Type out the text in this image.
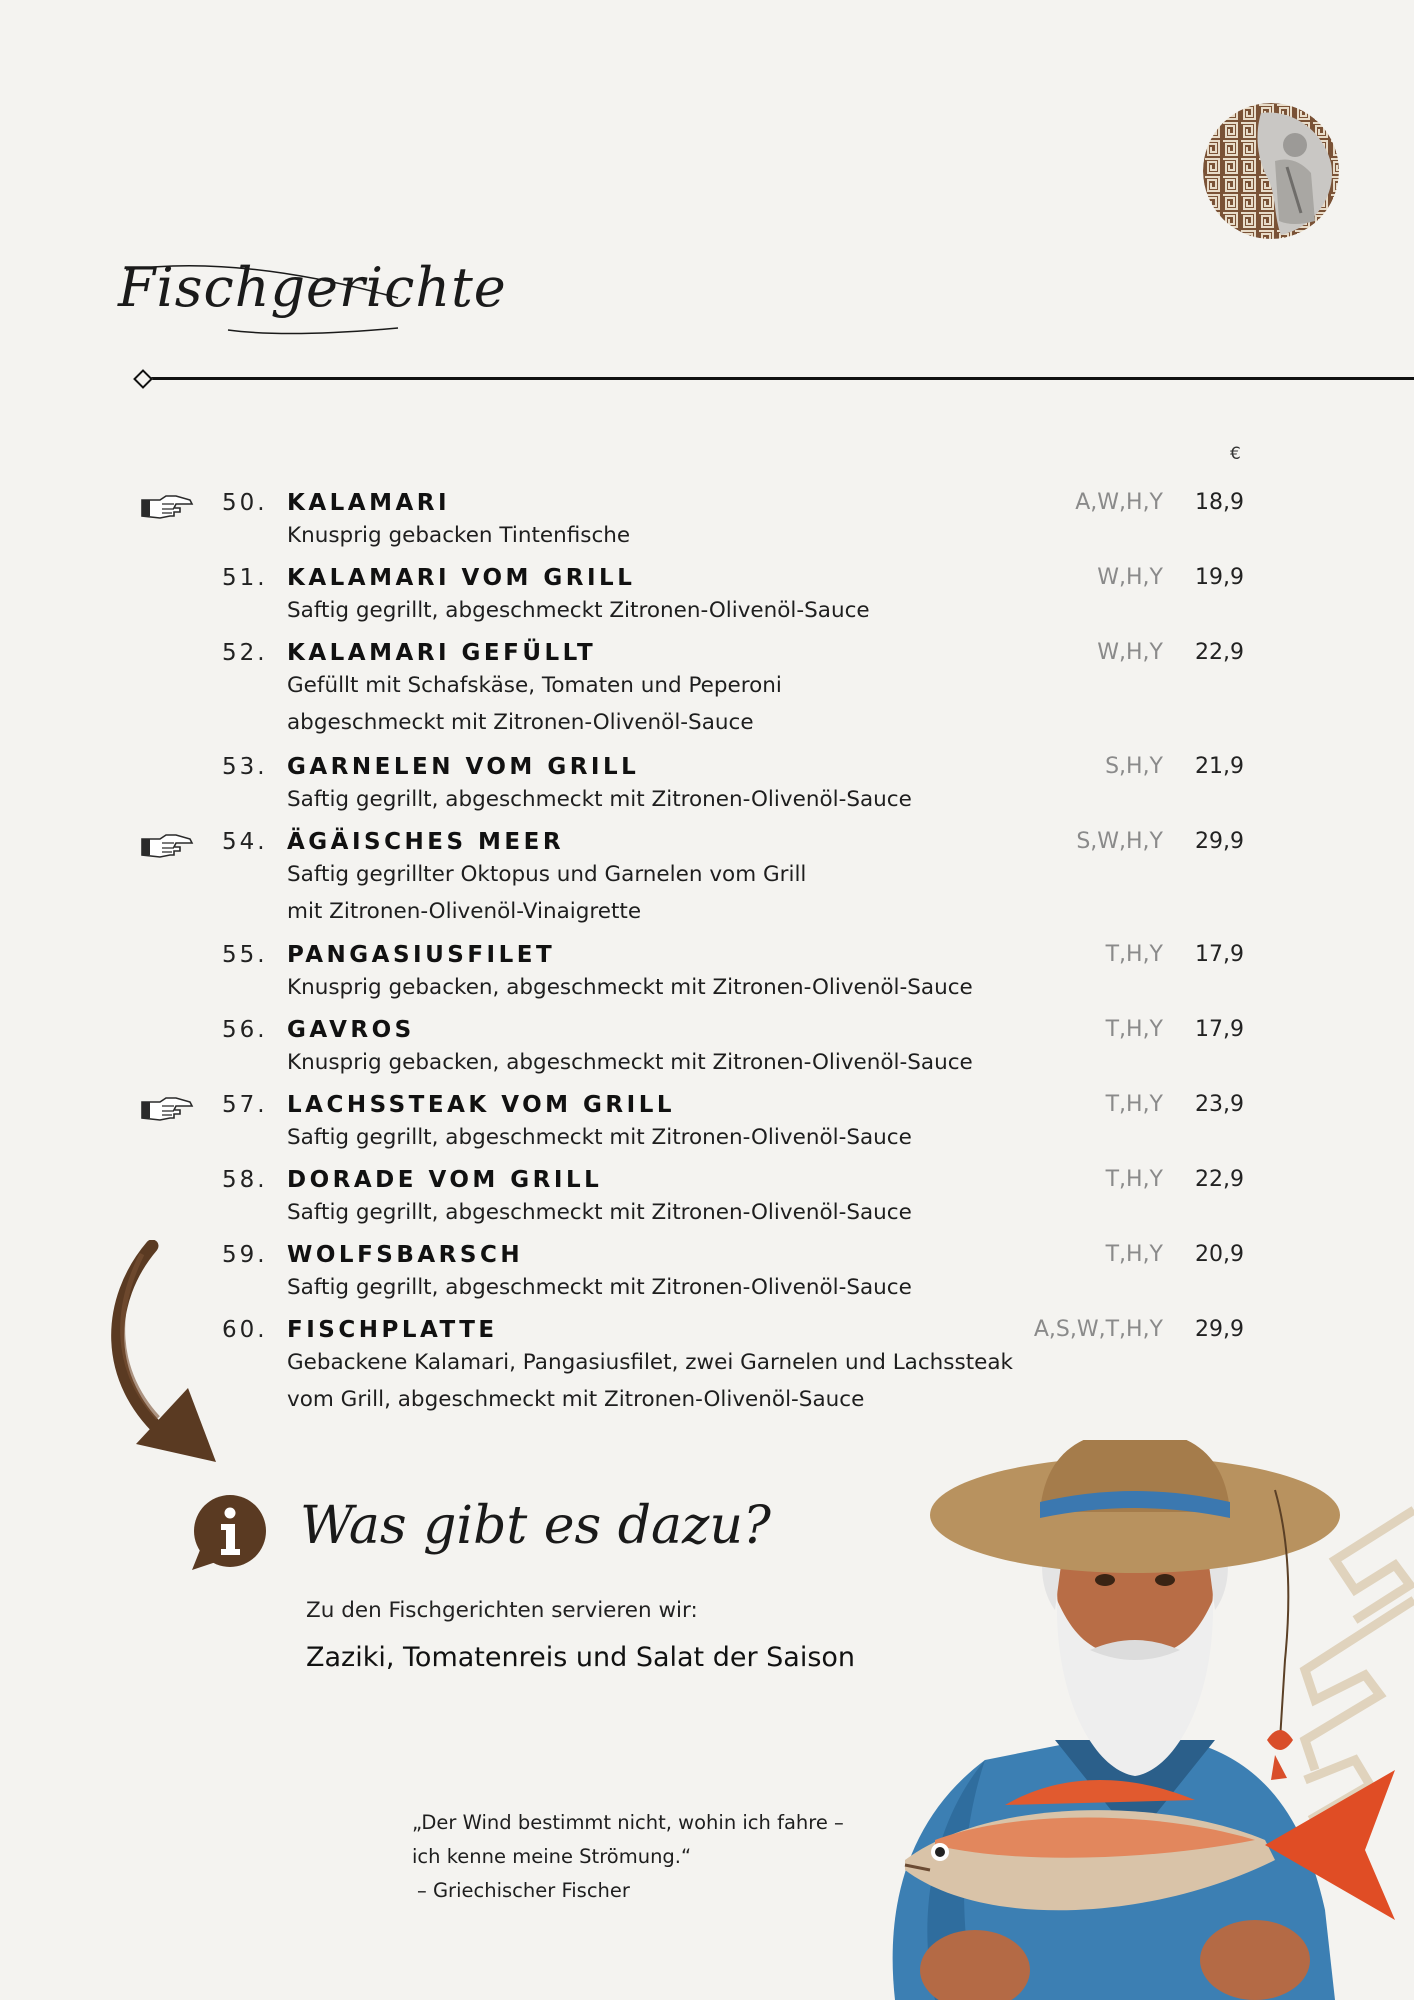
Fischgerichte
€
50. KALAMARI	A,W,H,Y 18,9
Knusprig gebacken Tintenfische
51. KALAMARI VOM GRILL	W,H,Y 19,9
Saftig gegrillt, abgeschmeckt Zitronen-Olivenöl-Sauce
52. KALAMARI GEFÜLLT	W,H,Y 22,9
Gefüllt mit Schafskäse, Tomaten und Peperoni
abgeschmeckt mit Zitronen-Olivenöl-Sauce
53. GARNELEN VOM GRILL	S,H,Y 21,9
Saftig gegrillt, abgeschmeckt mit Zitronen-Olivenöl-Sauce
54. ÄGÄISCHES MEER	S,W,H,Y 29,9
Saftig gegrillter Oktopus und Garnelen vom Grill
mit Zitronen-Olivenöl-Vinaigrette
55. PANGASIUSFILET	T,H,Y 17,9
Knusprig gebacken, abgeschmeckt mit Zitronen-Olivenöl-Sauce
56. GAVROS	T,H,Y 17,9
Knusprig gebacken, abgeschmeckt mit Zitronen-Olivenöl-Sauce
57. LACHSSTEAK VOM GRILL	T,H,Y 23,9
Saftig gegrillt, abgeschmeckt mit Zitronen-Olivenöl-Sauce
58. DORADE VOM GRILL	T,H,Y 22,9
Saftig gegrillt, abgeschmeckt mit Zitronen-Olivenöl-Sauce
59. WOLFSBARSCH	T,H,Y 20,9
Saftig gegrillt, abgeschmeckt mit Zitronen-Olivenöl-Sauce
60. FISCHPLATTE	A,S,W,T,H,Y 29,9
Gebackene Kalamari, Pangasiusfilet, zwei Garnelen und Lachssteak
vom Grill, abgeschmeckt mit Zitronen-Olivenöl-Sauce
Was gibt es dazu?
Zu den Fischgerichten servieren wir:
Zaziki, Tomatenreis und Salat der Saison
„Der Wind bestimmt nicht, wohin ich fahre –
ich kenne meine Strömung.“
– Griechischer Fischer
